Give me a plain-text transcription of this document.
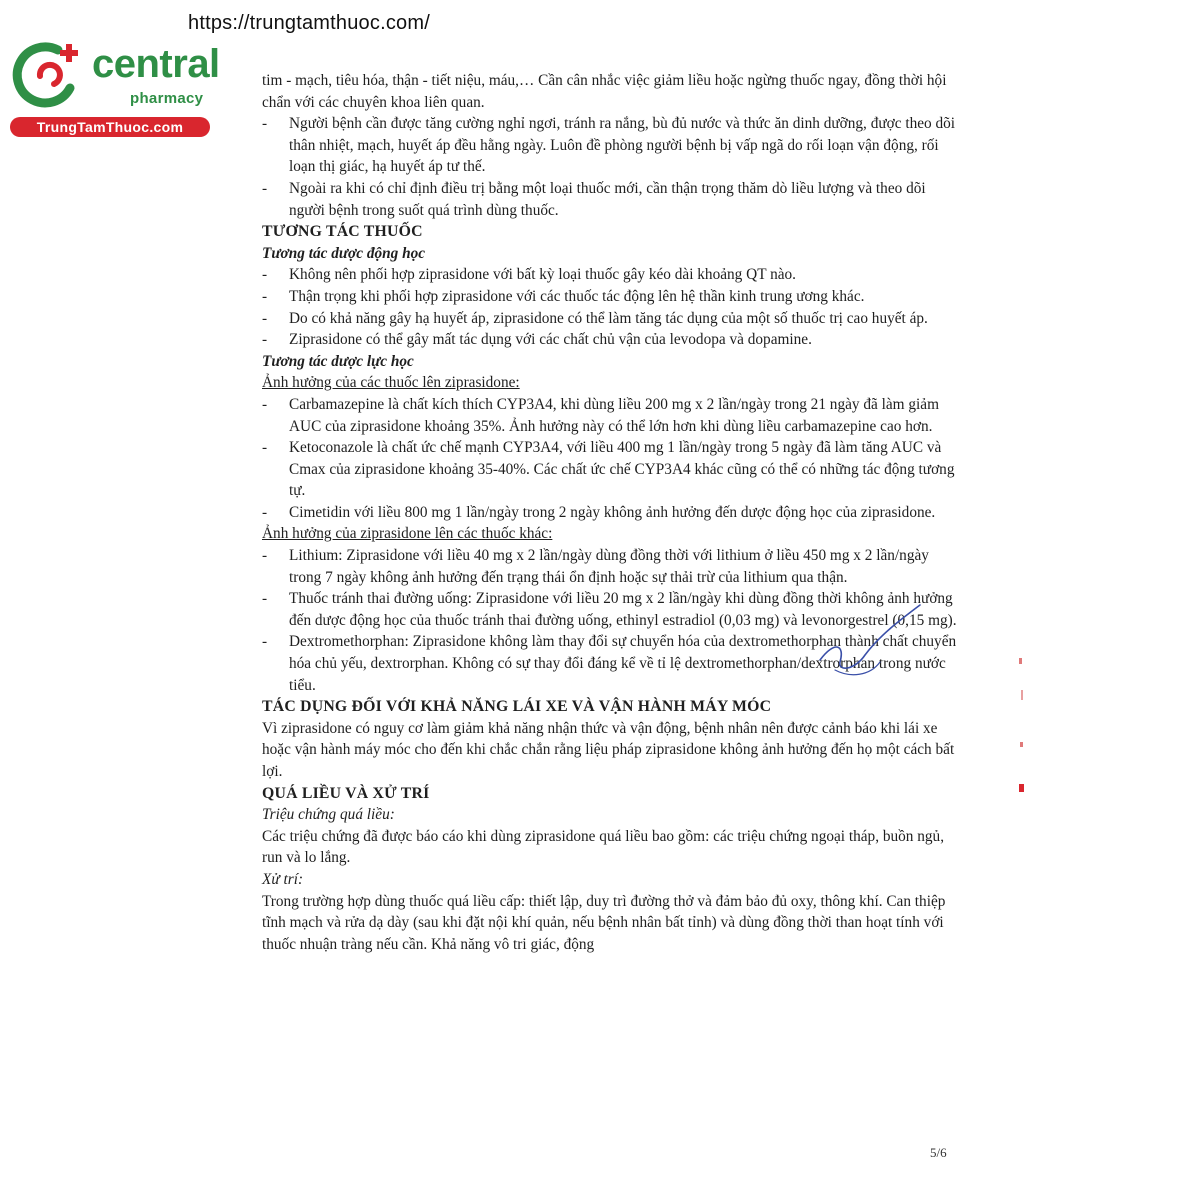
https://trungtamthuoc.com/
central
pharmacy
TrungTamThuoc.com

tim - mạch, tiêu hóa, thận - tiết niệu, máu,… Cần cân nhắc việc giảm liều hoặc ngừng thuốc ngay, đồng thời hội chẩn với các chuyên khoa liên quan.

- Người bệnh cần được tăng cường nghỉ ngơi, tránh ra nắng, bù đủ nước và thức ăn dinh dưỡng, được theo dõi thân nhiệt, mạch, huyết áp đều hằng ngày. Luôn đề phòng người bệnh bị vấp ngã do rối loạn vận động, rối loạn thị giác, hạ huyết áp tư thế.

- Ngoài ra khi có chỉ định điều trị bằng một loại thuốc mới, cần thận trọng thăm dò liều lượng và theo dõi người bệnh trong suốt quá trình dùng thuốc.

TƯƠNG TÁC THUỐC

Tương tác dược động học

- Không nên phối hợp ziprasidone với bất kỳ loại thuốc gây kéo dài khoảng QT nào.

- Thận trọng khi phối hợp ziprasidone với các thuốc tác động lên hệ thần kinh trung ương khác.

- Do có khả năng gây hạ huyết áp, ziprasidone có thể làm tăng tác dụng của một số thuốc trị cao huyết áp.

- Ziprasidone có thể gây mất tác dụng với các chất chủ vận của levodopa và dopamine.

Tương tác dược lực học

Ảnh hưởng của các thuốc lên ziprasidone:

- Carbamazepine là chất kích thích CYP3A4, khi dùng liều 200 mg x 2 lần/ngày trong 21 ngày đã làm giảm AUC của ziprasidone khoảng 35%. Ảnh hưởng này có thể lớn hơn khi dùng liều carbamazepine cao hơn.

- Ketoconazole là chất ức chế mạnh CYP3A4, với liều 400 mg 1 lần/ngày trong 5 ngày đã làm tăng AUC và Cmax của ziprasidone khoảng 35-40%. Các chất ức chế CYP3A4 khác cũng có thể có những tác động tương tự.

- Cimetidin với liều 800 mg 1 lần/ngày trong 2 ngày không ảnh hưởng đến dược động học của ziprasidone.

Ảnh hưởng của ziprasidone lên các thuốc khác:

- Lithium: Ziprasidone với liều 40 mg x 2 lần/ngày dùng đồng thời với lithium ở liều 450 mg x 2 lần/ngày trong 7 ngày không ảnh hưởng đến trạng thái ổn định hoặc sự thải trừ của lithium qua thận.

- Thuốc tránh thai đường uống: Ziprasidone với liều 20 mg x 2 lần/ngày khi dùng đồng thời không ảnh hưởng đến dược động học của thuốc tránh thai đường uống, ethinyl estradiol (0,03 mg) và levonorgestrel (0,15 mg).

- Dextromethorphan: Ziprasidone không làm thay đổi sự chuyển hóa của dextromethorphan thành chất chuyển hóa chủ yếu, dextrorphan. Không có sự thay đổi đáng kể về tỉ lệ dextromethorphan/dextrorphan trong nước tiểu.

TÁC DỤNG ĐỐI VỚI KHẢ NĂNG LÁI XE VÀ VẬN HÀNH MÁY MÓC

Vì ziprasidone có nguy cơ làm giảm khả năng nhận thức và vận động, bệnh nhân nên được cảnh báo khi lái xe hoặc vận hành máy móc cho đến khi chắc chắn rằng liệu pháp ziprasidone không ảnh hưởng đến họ một cách bất lợi.

QUÁ LIỀU VÀ XỬ TRÍ

Triệu chứng quá liều:

Các triệu chứng đã được báo cáo khi dùng ziprasidone quá liều bao gồm: các triệu chứng ngoại tháp, buồn ngủ, run và lo lắng.

Xử trí:

Trong trường hợp dùng thuốc quá liều cấp: thiết lập, duy trì đường thở và đảm bảo đủ oxy, thông khí. Can thiệp tĩnh mạch và rửa dạ dày (sau khi đặt nội khí quản, nếu bệnh nhân bất tỉnh) và dùng đồng thời than hoạt tính với thuốc nhuận tràng nếu cần. Khả năng vô tri giác, động

5/6
